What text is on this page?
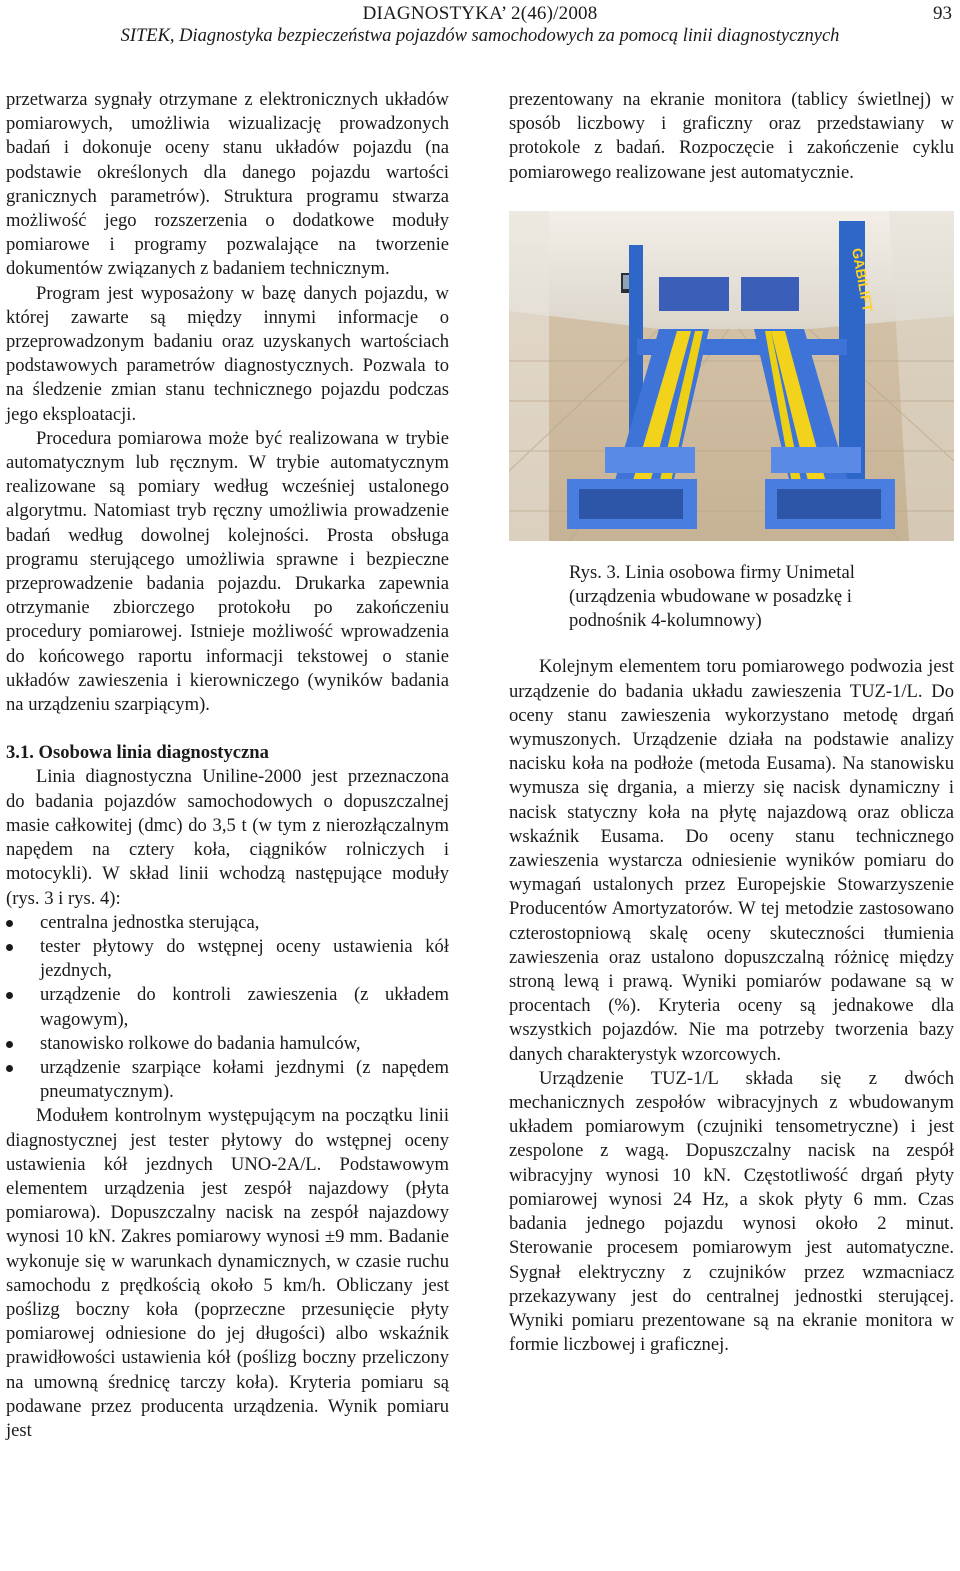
DIAGNOSTYKA’ 2(46)/2008	93
SITEK, Diagnostyka bezpieczeństwa pojazdów samochodowych za pomocą linii diagnostycznych

przetwarza sygnały otrzymane z elektronicznych układów pomiarowych, umożliwia wizualizację prowadzonych badań i dokonuje oceny stanu układów pojazdu (na podstawie określonych dla danego pojazdu wartości granicznych parametrów). Struktura programu stwarza możliwość jego rozszerzenia o dodatkowe moduły pomiarowe i programy pozwalające na tworzenie dokumentów związanych z badaniem technicznym.

Program jest wyposażony w bazę danych pojazdu, w której zawarte są między innymi informacje o przeprowadzonym badaniu oraz uzyskanych wartościach podstawowych parametrów diagnostycznych. Pozwala to na śledzenie zmian stanu technicznego pojazdu podczas jego eksploatacji.

Procedura pomiarowa może być realizowana w trybie automatycznym lub ręcznym. W trybie automatycznym realizowane są pomiary według wcześniej ustalonego algorytmu. Natomiast tryb ręczny umożliwia prowadzenie badań według dowolnej kolejności. Prosta obsługa programu sterującego umożliwia sprawne i bezpieczne przeprowadzenie badania pojazdu. Drukarka zapewnia otrzymanie zbiorczego protokołu po zakończeniu procedury pomiarowej. Istnieje możliwość wprowadzenia do końcowego raportu informacji tekstowej o stanie układów zawieszenia i kierowniczego (wyników badania na urządzeniu szarpiącym).

3.1. Osobowa linia diagnostyczna

Linia diagnostyczna Uniline-2000 jest przeznaczona do badania pojazdów samochodowych o dopuszczalnej masie całkowitej (dmc) do 3,5 t (w tym z nierozłączalnym napędem na cztery koła, ciągników rolniczych i motocykli). W skład linii wchodzą następujące moduły (rys. 3 i rys. 4):

centralna jednostka sterująca,
tester płytowy do wstępnej oceny ustawienia kół jezdnych,
urządzenie do kontroli zawieszenia (z układem wagowym),
stanowisko rolkowe do badania hamulców,
urządzenie szarpiące kołami jezdnymi (z napędem pneumatycznym).

Modułem kontrolnym występującym na początku linii diagnostycznej jest tester płytowy do wstępnej oceny ustawienia kół jezdnych UNO-2A/L. Podstawowym elementem urządzenia jest zespół najazdowy (płyta pomiarowa). Dopuszczalny nacisk na zespół najazdowy wynosi 10 kN. Zakres pomiarowy wynosi ±9 mm. Badanie wykonuje się w warunkach dynamicznych, w czasie ruchu samochodu z prędkością około 5 km/h. Obliczany jest poślizg boczny koła (poprzeczne przesunięcie płyty pomiarowej odniesione do jej długości) albo wskaźnik prawidłowości ustawienia kół (poślizg boczny przeliczony na umowną średnicę tarczy koła). Kryteria pomiaru są podawane przez producenta urządzenia. Wynik pomiaru jest

prezentowany na ekranie monitora (tablicy świetlnej) w sposób liczbowy i graficzny oraz przedstawiany w protokole z badań. Rozpoczęcie i zakończenie cyklu pomiarowego realizowane jest automatycznie.

GABILIFT
Rys. 3. Linia osobowa firmy Unimetal (urządzenia wbudowane w posadzkę i podnośnik 4-kolumnowy)

Kolejnym elementem toru pomiarowego podwozia jest urządzenie do badania układu zawieszenia TUZ-1/L. Do oceny stanu zawieszenia wykorzystano metodę drgań wymuszonych. Urządzenie działa na podstawie analizy nacisku koła na podłoże (metoda Eusama). Na stanowisku wymusza się drgania, a mierzy się nacisk dynamiczny i nacisk statyczny koła na płytę najazdową oraz oblicza wskaźnik Eusama. Do oceny stanu technicznego zawieszenia wystarcza odniesienie wyników pomiaru do wymagań ustalonych przez Europejskie Stowarzyszenie Producentów Amortyzatorów. W tej metodzie zastosowano czterostopniową skalę oceny skuteczności tłumienia zawieszenia oraz ustalono dopuszczalną różnicę między stroną lewą i prawą. Wyniki pomiarów podawane są w procentach (%). Kryteria oceny są jednakowe dla wszystkich pojazdów. Nie ma potrzeby tworzenia bazy danych charakterystyk wzorcowych.

Urządzenie TUZ-1/L składa się z dwóch mechanicznych zespołów wibracyjnych z wbudowanym układem pomiarowym (czujniki tensometryczne) i jest zespolone z wagą. Dopuszczalny nacisk na zespół wibracyjny wynosi 10 kN. Częstotliwość drgań płyty pomiarowej wynosi 24 Hz, a skok płyty 6 mm. Czas badania jednego pojazdu wynosi około 2 minut. Sterowanie procesem pomiarowym jest automatyczne. Sygnał elektryczny z czujników przez wzmacniacz przekazywany jest do centralnej jednostki sterującej. Wyniki pomiaru prezentowane są na ekranie monitora w formie liczbowej i graficznej.
